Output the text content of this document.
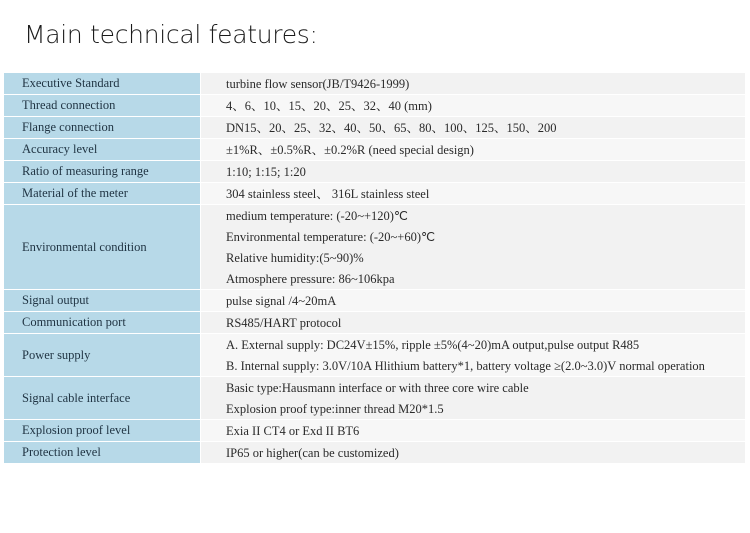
Main technical features:
Executive Standard	turbine flow sensor(JB/T9426-1999)

Thread connection	4、6、10、15、20、25、32、40 (mm)

Flange connection	DN15、20、25、32、40、50、65、80、100、125、150、200

Accuracy level	±1%R、±0.5%R、±0.2%R (need special design)

Ratio of measuring range	1:10; 1:15; 1:20

Material of the meter	304 stainless steel、 316L stainless steel

Environmental condition	medium temperature: (-20~+120)℃
Environmental temperature: (-20~+60)℃
Relative humidity:(5~90)%
Atmosphere pressure: 86~106kpa

Signal output	pulse signal /4~20mA

Communication port	RS485/HART protocol

Power supply	A. External supply: DC24V±15%, ripple ±5%(4~20)mA output,pulse output R485
B. Internal supply: 3.0V/10A Hlithium battery*1, battery voltage ≥(2.0~3.0)V normal operation

Signal cable interface	Basic type:Hausmann interface or with three core wire cable
Explosion proof type:inner thread M20*1.5

Explosion proof level	Exia II CT4 or Exd II BT6

Protection level	IP65 or higher(can be customized)
